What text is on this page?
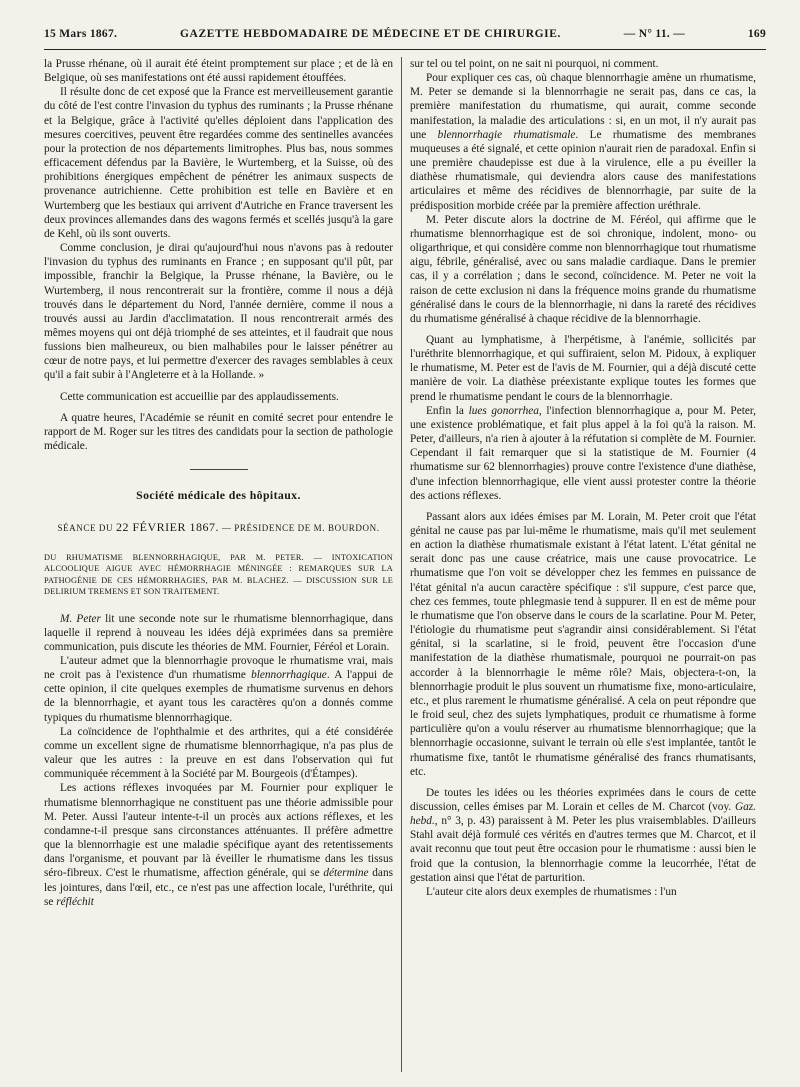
15 Mars 1867.	GAZETTE HEBDOMADAIRE DE MÉDECINE ET DE CHIRURGIE.	— N° 11. —	169

la Prusse rhénane, où il aurait été éteint promptement sur place ; et de là en Belgique, où ses manifestations ont été aussi rapidement étouffées.

Il résulte donc de cet exposé que la France est merveilleusement garantie du côté de l'est contre l'invasion du typhus des ruminants ; la Prusse rhénane et la Belgique, grâce à l'activité qu'elles déploient dans l'application des mesures coercitives, peuvent être regardées comme des sentinelles avancées pour la protection de nos départements limitrophes. Plus bas, nous sommes efficacement défendus par la Bavière, le Wurtemberg, et la Suisse, où des prohibitions énergiques empêchent de pénétrer les animaux suspects de provenance autrichienne. Cette prohibition est telle en Bavière et en Wurtemberg que les bestiaux qui arrivent d'Autriche en France traversent les deux provinces allemandes dans des wagons fermés et scellés jusqu'à la gare de Kehl, où ils sont ouverts.

Comme conclusion, je dirai qu'aujourd'hui nous n'avons pas à redouter l'invasion du typhus des ruminants en France ; en supposant qu'il pût, par impossible, franchir la Belgique, la Prusse rhénane, la Bavière, ou le Wurtemberg, il nous rencontrerait sur la frontière, comme il nous a déjà trouvés dans le département du Nord, l'année dernière, comme il nous a trouvés aussi au Jardin d'acclimatation. Il nous rencontrerait armés des mêmes moyens qui ont déjà triomphé de ses atteintes, et il faudrait que nous fussions bien malheureux, ou bien malhabiles pour le laisser pénétrer au cœur de notre pays, et lui permettre d'exercer des ravages semblables à ceux qu'il a fait subir à l'Angleterre et à la Hollande. »

Cette communication est accueillie par des applaudissements.

A quatre heures, l'Académie se réunit en comité secret pour entendre le rapport de M. Roger sur les titres des candidats pour la section de pathologie médicale.

Société médicale des hôpitaux.
SÉANCE DU 22 FÉVRIER 1867. — PRÉSIDENCE DE M. BOURDON.

DU RHUMATISME BLENNORRHAGIQUE, PAR M. PETER. — INTOXICATION ALCOOLIQUE AIGUE AVEC HÉMORRHAGIE MÉNINGÉE : REMARQUES SUR LA PATHOGÉNIE DE CES HÉMORRHAGIES, PAR M. BLACHEZ. — DISCUSSION SUR LE DELIRIUM TREMENS ET SON TRAITEMENT.

M. Peter lit une seconde note sur le rhumatisme blennorrhagique, dans laquelle il reprend à nouveau les idées déjà exprimées dans sa première communication, puis discute les théories de MM. Fournier, Féréol et Lorain.

L'auteur admet que la blennorrhagie provoque le rhumatisme vrai, mais ne croit pas à l'existence d'un rhumatisme blennorrhagique. A l'appui de cette opinion, il cite quelques exemples de rhumatisme survenus en dehors de la blennorrhagie, et ayant tous les caractères qu'on a donnés comme typiques du rhumatisme blennorrhagique.

La coïncidence de l'ophthalmie et des arthrites, qui a été considérée comme un excellent signe de rhumatisme blennorrhagique, n'a pas plus de valeur que les autres : la preuve en est dans l'observation qui fut communiquée récemment à la Société par M. Bourgeois (d'Étampes).

Les actions réflexes invoquées par M. Fournier pour expliquer le rhumatisme blennorrhagique ne constituent pas une théorie admissible pour M. Peter. Aussi l'auteur intente-t-il un procès aux actions réflexes, et les condamne-t-il presque sans circonstances atténuantes. Il préfère admettre que la blennorrhagie est une maladie spécifique ayant des retentissements dans l'organisme, et pouvant par là éveiller le rhumatisme dans les tissus séro-fibreux. C'est le rhumatisme, affection générale, qui se détermine dans les jointures, dans l'œil, etc., ce n'est pas une affection locale, l'uréthrite, qui se réfléchit

sur tel ou tel point, on ne sait ni pourquoi, ni comment.

Pour expliquer ces cas, où chaque blennorrhagie amène un rhumatisme, M. Peter se demande si la blennorrhagie ne serait pas, dans ce cas, la première manifestation du rhumatisme, qui aurait, comme seconde manifestation, la maladie des articulations : si, en un mot, il n'y aurait pas une blennorrhagie rhumatismale. Le rhumatisme des membranes muqueuses a été signalé, et cette opinion n'aurait rien de paradoxal. Enfin si une première chaudepisse est due à la virulence, elle a pu éveiller la diathèse rhumatismale, qui deviendra alors cause des manifestations articulaires et même des récidives de blennorrhagie, par suite de la prédisposition morbide créée par la première affection uréthrale.

M. Peter discute alors la doctrine de M. Féréol, qui affirme que le rhumatisme blennorrhagique est de soi chronique, indolent, mono- ou oligarthrique, et qui considère comme non blennorrhagique tout rhumatisme aigu, fébrile, généralisé, avec ou sans maladie cardiaque. Dans le premier cas, il y a corrélation ; dans le second, coïncidence. M. Peter ne voit la raison de cette exclusion ni dans la fréquence moins grande du rhumatisme généralisé dans le cours de la blennorrhagie, ni dans la rareté des récidives du rhumatisme généralisé à chaque récidive de la blennorrhagie.

Quant au lymphatisme, à l'herpétisme, à l'anémie, sollicités par l'uréthrite blennorrhagique, et qui suffiraient, selon M. Pidoux, à expliquer le rhumatisme, M. Peter est de l'avis de M. Fournier, qui a déjà discuté cette manière de voir. La diathèse préexistante explique toutes les formes que prend le rhumatisme pendant le cours de la blennorrhagie.

Enfin la lues gonorrhea, l'infection blennorrhagique a, pour M. Peter, une existence problématique, et fait plus appel à la foi qu'à la raison. M. Peter, d'ailleurs, n'a rien à ajouter à la réfutation si complète de M. Fournier. Cependant il fait remarquer que si la statistique de M. Fournier (4 rhumatisme sur 62 blennorrhagies) prouve contre l'existence d'une diathèse, d'une infection blennorrhagique, elle vient aussi protester contre la théorie des actions réflexes.

Passant alors aux idées émises par M. Lorain, M. Peter croit que l'état génital ne cause pas par lui-même le rhumatisme, mais qu'il met seulement en action la diathèse rhumatismale existant à l'état latent. L'état génital ne serait donc pas une cause créatrice, mais une cause provocatrice. Le rhumatisme que l'on voit se développer chez les femmes en puissance de l'état génital n'a aucun caractère spécifique : s'il suppure, c'est parce que, chez ces femmes, toute phlegmasie tend à suppurer. Il en est de même pour le rhumatisme que l'on observe dans le cours de la scarlatine. Pour M. Peter, l'étiologie du rhumatisme peut s'agrandir ainsi considérablement. Si l'état génital, si la scarlatine, si le froid, peuvent être l'occasion d'une manifestation de la diathèse rhumatismale, pourquoi ne pourrait-on pas accorder à la blennorrhagie le même rôle? Mais, objectera-t-on, la blennorrhagie produit le plus souvent un rhumatisme fixe, mono-articulaire, etc., et plus rarement le rhumatisme généralisé. A cela on peut répondre que le froid seul, chez des sujets lymphatiques, produit ce rhumatisme à forme particulière qu'on a voulu réserver au rhumatisme blennorrhagique; que la blennorrhagie occasionne, suivant le terrain où elle s'est implantée, tantôt le rhumatisme fixe, tantôt le rhumatisme généralisé des francs rhumatisants, etc.

De toutes les idées ou les théories exprimées dans le cours de cette discussion, celles émises par M. Lorain et celles de M. Charcot (voy. Gaz. hebd., n° 3, p. 43) paraissent à M. Peter les plus vraisemblables. D'ailleurs Stahl avait déjà formulé ces vérités en d'autres termes que M. Charcot, et il avait reconnu que tout peut être occasion pour le rhumatisme : aussi bien le froid que la contusion, la blennorrhagie comme la leucorrhée, l'état de gestation ainsi que l'état de parturition.

L'auteur cite alors deux exemples de rhumatismes : l'un
